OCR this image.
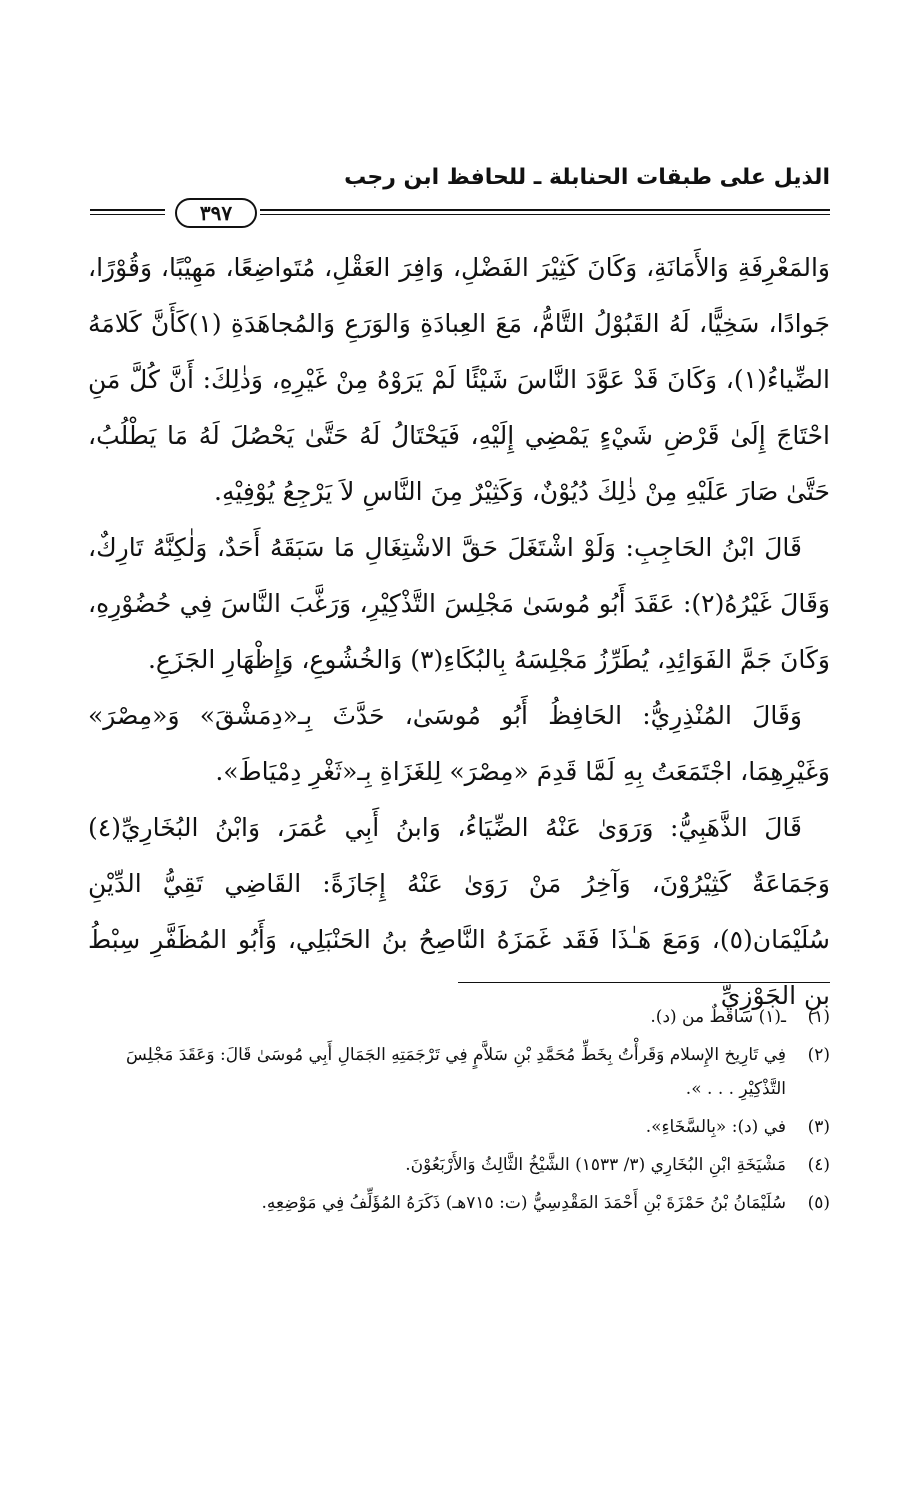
الذيل على طبقات الحنابلة ـ للحافظ ابن رجب
٣٩٧

وَالمَعْرِفَةِ وَالأَمَانَةِ، وَكَانَ كَثِيْرَ الفَضْلِ، وَافِرَ العَقْلِ، مُتَواضِعًا، مَهِيْبًا، وَقُوْرًا، جَوادًا، سَخِيًّا، لَهُ القَبُوْلُ التَّامُّ، مَعَ العِبادَةِ وَالوَرَعِ وَالمُجاهَدَةِ (١)كَأَنَّ كَلامَهُ الضِّياءُ(١)، وَكَانَ قَدْ عَوَّدَ النَّاسَ شَيْئًا لَمْ يَرَوْهُ مِنْ غَيْرِهِ، وَذٰلِكَ: أَنَّ كُلَّ مَنِ احْتَاجَ إِلَىٰ قَرْضِ شَيْءٍ يَمْضِي إِلَيْهِ، فَيَحْتَالُ لَهُ حَتَّىٰ يَحْصُلَ لَهُ مَا يَطْلُبُ، حَتَّىٰ صَارَ عَلَيْهِ مِنْ ذٰلِكَ دُيُوْنٌ، وَكَثِيْرٌ مِنَ النَّاسِ لاَ يَرْجِعُ يُوْفِيْهِ.

قَالَ ابْنُ الحَاجِبِ: وَلَوْ اشْتَغَلَ حَقَّ الاشْتِغَالِ مَا سَبَقَهُ أَحَدٌ، وَلٰكِنَّهُ تَارِكٌ، وَقَالَ غَيْرُهُ(٢): عَقَدَ أَبُو مُوسَىٰ مَجْلِسَ التَّذْكِيْرِ، وَرَغَّبَ النَّاسَ فِي حُضُوْرِهِ، وَكَانَ جَمَّ الفَوَائِدِ، يُطَرِّزُ مَجْلِسَهُ بِالبُكَاءِ(٣) وَالخُشُوعِ، وَإِظْهَارِ الجَزَعِ.

وَقَالَ المُنْذِرِيُّ: الحَافِظُ أَبُو مُوسَىٰ، حَدَّثَ بِـ«دِمَشْقَ» وَ«مِصْرَ» وَغَيْرِهِمَا، اجْتَمَعَتُ بِهِ لَمَّا قَدِمَ «مِصْرَ» لِلغَزَاةِ بِـ«ثَغْرِ دِمْيَاطَ».

قَالَ الذَّهَبِيُّ: وَرَوَىٰ عَنْهُ الضِّيَاءُ، وَابنُ أَبِي عُمَرَ، وَابْنُ البُخَارِيِّ(٤) وَجَمَاعَةٌ كَثِيْرُوْنَ، وَآخِرُ مَنْ رَوَىٰ عَنْهُ إِجَازَةً: القَاضِي تَقِيُّ الدِّيْنِ سُلَيْمَان(٥)، وَمَعَ هَـٰذَا فَقَد غَمَزَهُ النَّاصِحُ بنُ الحَنْبَلِي، وَأَبُو المُظَفَّرِ سِبْطُ بنِ الجَوْزِيِّ

(١)
ـ(١) ساقطٌ من (د).
(٢)
فِي تَارِيخ الإِسلام وَقَرأْتُ بِخَطِّ مُحَمَّدِ بْنِ سَلاَّمٍ فِي تَرْجَمَتِهِ الجَمَالِ أَبِي مُوسَىٰ قَالَ: وَعَقَدَ مَجْلِسَ التَّذْكِيْرِ . . . ».
(٣)
في (د): «بِالسَّخَاءِ».
(٤)
مَشْيَخَةِ ابْنِ البُخَارِي (٣/ ١٥٣٣) الشَّيْخُ الثَّالِثُ وَالأَرْبَعُوْنَ.
(٥)
سُلَيْمَانُ بْنُ حَمْزَةَ بْنِ أَحْمَدَ المَقْدِسِيُّ (ت: ٧١٥هـ) ذَكَرَهُ المُؤَلِّفُ فِي مَوْضِعِهِ.
